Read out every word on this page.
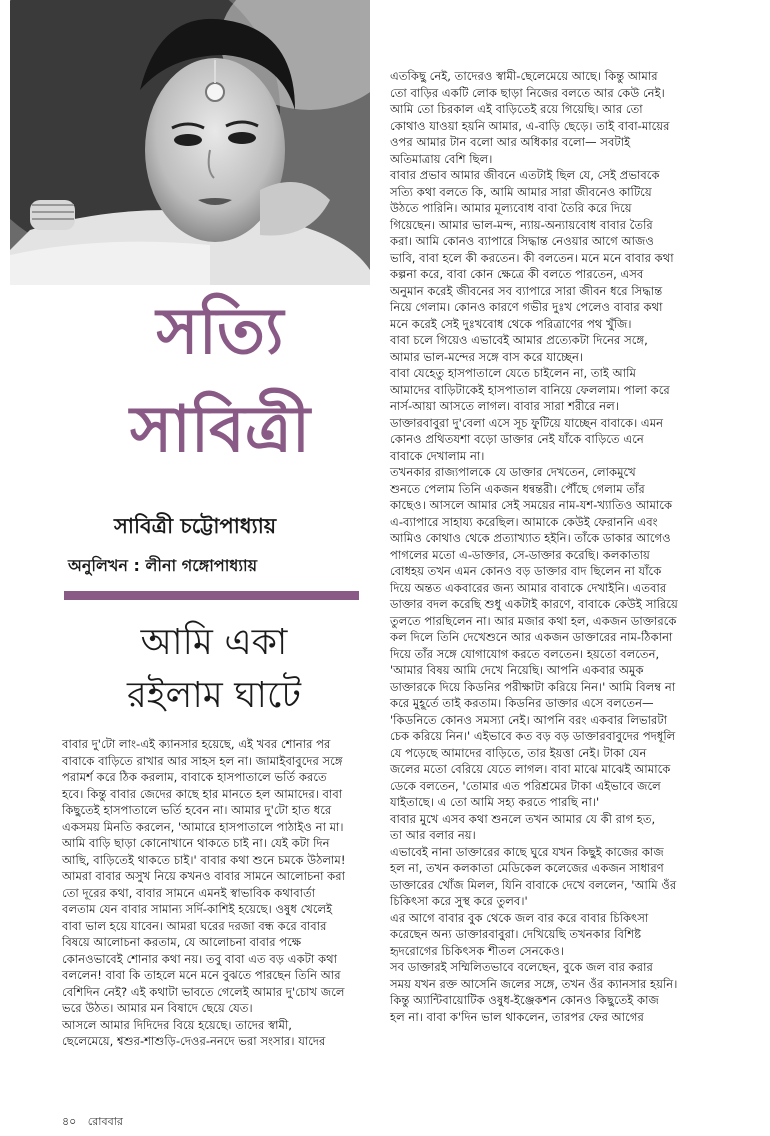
সত্যি
সাবিত্রী
সাবিত্রী চট্টোপাধ্যায়
অনুলিখন : লীনা গঙ্গোপাধ্যায়
আমি একা
রইলাম ঘাটে

বাবার দু'টো লাং-এই ক্যানসার হয়েছে, এই খবর শোনার পর

বাবাকে বাড়িতে রাখার আর সাহস হল না। জামাইবাবুদের সঙ্গে

পরামর্শ করে ঠিক করলাম, বাবাকে হাসপাতালে ভর্তি করতে

হবে। কিন্তু বাবার জেদের কাছে হার মানতে হল আমাদের। বাবা

কিছুতেই হাসপাতালে ভর্তি হবেন না। আমার দু'টো হাত ধরে

একসময় মিনতি করলেন, 'আমারে হাসপাতালে পাঠাইও না মা।

আমি বাড়ি ছাড়া কোনোখানে থাকতে চাই না। যেই কটা দিন

আছি, বাড়িতেই থাকতে চাই।' বাবার কথা শুনে চমকে উঠলাম!

আমরা বাবার অসুখ নিয়ে কখনও বাবার সামনে আলোচনা করা

তো দূরের কথা, বাবার সামনে এমনই স্বাভাবিক কথাবার্তা

বলতাম যেন বাবার সামান্য সর্দি-কাশিই হয়েছে। ওষুধ খেলেই

বাবা ভাল হয়ে যাবেন। আমরা ঘরের দরজা বন্ধ করে বাবার

বিষয়ে আলোচনা করতাম, যে আলোচনা বাবার পক্ষে

কোনওভাবেই শোনার কথা নয়। তবু বাবা এত বড় একটা কথা

বললেন! বাবা কি তাহলে মনে মনে বুঝতে পারছেন তিনি আর

বেশিদিন নেই? এই কথাটা ভাবতে গেলেই আমার দু'চোখ জলে

ভরে উঠত। আমার মন বিষাদে ছেয়ে যেত।

আসলে আমার দিদিদের বিয়ে হয়েছে। তাদের স্বামী,

ছেলেমেয়ে, শ্বশুর-শাশুড়ি-দেওর-ননদে ভরা সংসার। যাদের

এতকিছু নেই, তাদেরও স্বামী-ছেলেমেয়ে আছে। কিন্তু আমার

তো বাড়ির একটি লোক ছাড়া নিজের বলতে আর কেউ নেই।

আমি তো চিরকাল এই বাড়িতেই রয়ে গিয়েছি। আর তো

কোথাও যাওয়া হয়নি আমার, এ-বাড়ি ছেড়ে। তাই বাবা-মায়ের

ওপর আমার টান বলো আর অধিকার বলো— সবটাই

অতিমাত্রায় বেশি ছিল।

বাবার প্রভাব আমার জীবনে এতটাই ছিল যে, সেই প্রভাবকে

সত্যি কথা বলতে কি, আমি আমার সারা জীবনেও কাটিয়ে

উঠতে পারিনি। আমার মূল্যবোধ বাবা তৈরি করে দিয়ে

গিয়েছেন। আমার ভাল-মন্দ, ন্যায়-অন্যায়বোধ বাবার তৈরি

করা। আমি কোনও ব্যাপারে সিদ্ধান্ত নেওয়ার আগে আজও

ভাবি, বাবা হলে কী করতেন। কী বলতেন। মনে মনে বাবার কথা

কল্পনা করে, বাবা কোন ক্ষেত্রে কী বলতে পারতেন, এসব

অনুমান করেই জীবনের সব ব্যাপারে সারা জীবন ধরে সিদ্ধান্ত

নিয়ে গেলাম। কোনও কারণে গভীর দুঃখ পেলেও বাবার কথা

মনে করেই সেই দুঃখবোধ থেকে পরিত্রাণের পথ খুঁজি।

বাবা চলে গিয়েও এভাবেই আমার প্রত্যেকটা দিনের সঙ্গে,

আমার ভাল-মন্দের সঙ্গে বাস করে যাচ্ছেন।

বাবা যেহেতু হাসপাতালে যেতে চাইলেন না, তাই আমি

আমাদের বাড়িটাকেই হাসপাতাল বানিয়ে ফেললাম। পালা করে

নার্স-আয়া আসতে লাগল। বাবার সারা শরীরে নল।

ডাক্তারবাবুরা দু'বেলা এসে সূচ ফুটিয়ে যাচ্ছেন বাবাকে। এমন

কোনও প্রথিতযশা বড়ো ডাক্তার নেই যাঁকে বাড়িতে এনে

বাবাকে দেখালাম না।

তখনকার রাজ্যপালকে যে ডাক্তার দেখতেন, লোকমুখে

শুনতে পেলাম তিনি একজন ধন্বন্তরী। পৌঁছে গেলাম তাঁর

কাছেও। আসলে আমার সেই সময়ের নাম-যশ-খ্যাতিও আমাকে

এ-ব্যাপারে সাহায্য করেছিল। আমাকে কেউই ফেরাননি এবং

আমিও কোথাও থেকে প্রত্যাখ্যাত হইনি। তাঁকে ডাকার আগেও

পাগলের মতো এ-ডাক্তার, সে-ডাক্তার করেছি। কলকাতায়

বোধহয় তখন এমন কোনও বড় ডাক্তার বাদ ছিলেন না যাঁকে

দিয়ে অন্তত একবারের জন্য আমার বাবাকে দেখাইনি। এতবার

ডাক্তার বদল করেছি শুধু একটাই কারণে, বাবাকে কেউই সারিয়ে

তুলতে পারছিলেন না। আর মজার কথা হল, একজন ডাক্তারকে

কল দিলে তিনি দেখেশুনে আর একজন ডাক্তারের নাম-ঠিকানা

দিয়ে তাঁর সঙ্গে যোগাযোগ করতে বলতেন। হয়তো বলতেন,

'আমার বিষয় আমি দেখে নিয়েছি। আপনি একবার অমুক

ডাক্তারকে দিয়ে কিডনির পরীক্ষাটা করিয়ে নিন।' আমি বিলম্ব না

করে মুহূর্তে তাই করতাম। কিডনির ডাক্তার এসে বলতেন—

'কিডনিতে কোনও সমস্যা নেই। আপনি বরং একবার লিভারটা

চেক করিয়ে নিন।' এইভাবে কত বড় বড় ডাক্তারবাবুদের পদধূলি

যে পড়েছে আমাদের বাড়িতে, তার ইয়ত্তা নেই। টাকা যেন

জলের মতো বেরিয়ে যেতে লাগল। বাবা মাঝে মাঝেই আমাকে

ডেকে বলতেন, 'তোমার এত পরিশ্রমের টাকা এইভাবে জলে

যাইতাছে। এ তো আমি সহ্য করতে পারছি না।'

বাবার মুখে এসব কথা শুনলে তখন আমার যে কী রাগ হত,

তা আর বলার নয়।

এভাবেই নানা ডাক্তারের কাছে ঘুরে যখন কিছুই কাজের কাজ

হল না, তখন কলকাতা মেডিকেল কলেজের একজন সাধারণ

ডাক্তারের খোঁজ মিলল, যিনি বাবাকে দেখে বললেন, 'আমি ওঁর

চিকিৎসা করে সুস্থ করে তুলব।'

এর আগে বাবার বুক থেকে জল বার করে বাবার চিকিৎসা

করেছেন অন্য ডাক্তারবাবুরা। দেখিয়েছি তখনকার বিশিষ্ট

হৃদরোগের চিকিৎসক শীতল সেনকেও।

সব ডাক্তারই সম্মিলিতভাবে বলেছেন, বুকে জল বার করার

সময় যখন রক্ত আসেনি জলের সঙ্গে, তখন ওঁর ক্যানসার হয়নি।

কিন্তু অ্যান্টিবায়োটিক ওষুধ-ইঞ্জেকশন কোনও কিছুতেই কাজ

হল না। বাবা ক'দিন ভাল থাকলেন, তারপর ফের আগের

৪০ রোববার
